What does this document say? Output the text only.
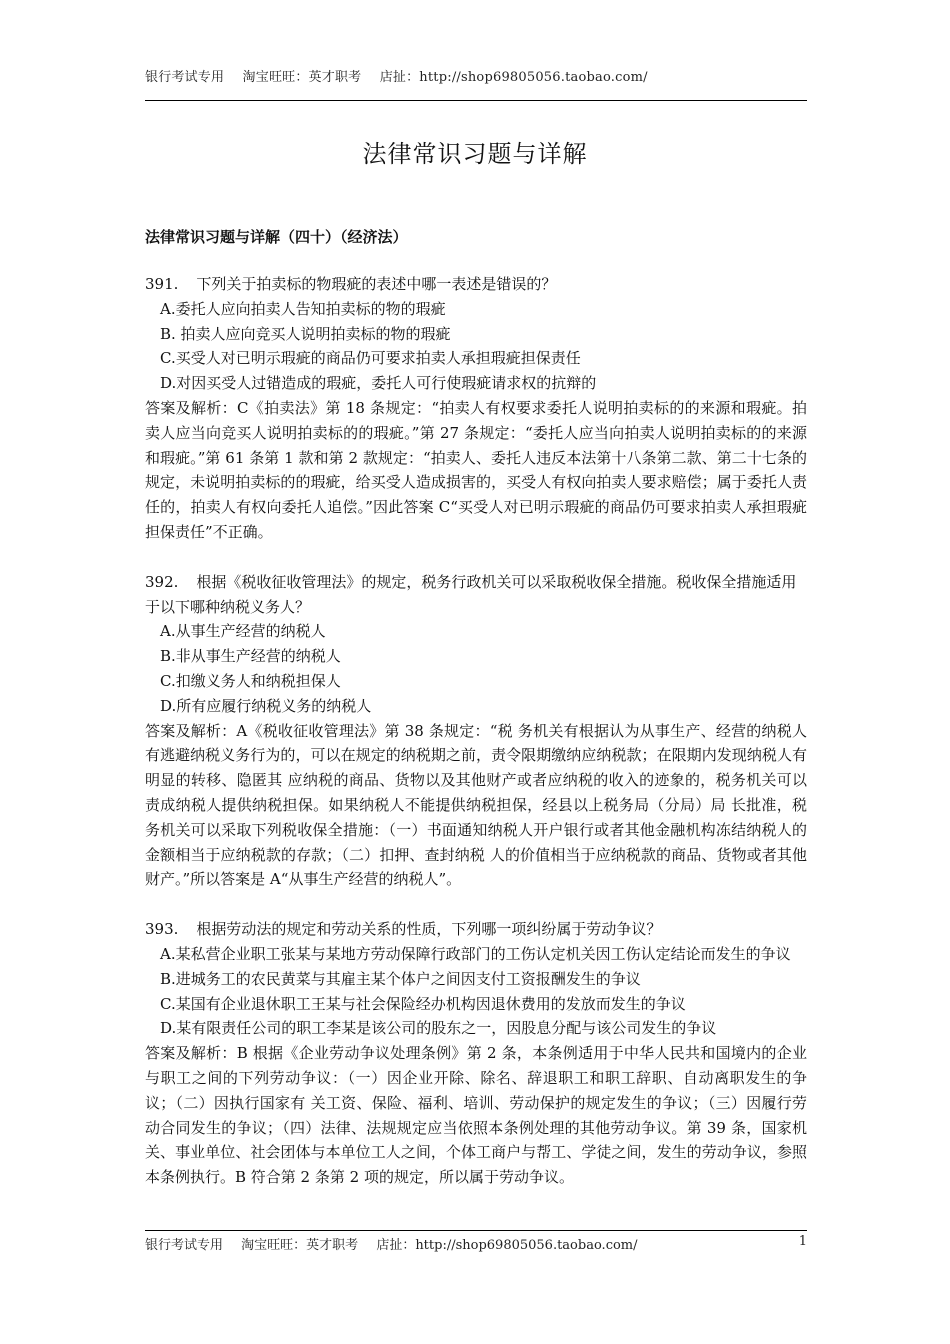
银行考试专用 淘宝旺旺：英才职考 店扯：http://shop69805056.taobao.com/
法律常识习题与详解
法律常识习题与详解（四十）（经济法）

391. 下列关于拍卖标的物瑕疵的表述中哪一表述是错误的？

A.委托人应向拍卖人告知拍卖标的物的瑕疵

B. 拍卖人应向竞买人说明拍卖标的物的瑕疵

C.买受人对已明示瑕疵的商品仍可要求拍卖人承担瑕疵担保责任

D.对因买受人过错造成的瑕疵，委托人可行使瑕疵请求权的抗辩的

答案及解析：C《拍卖法》第 18 条规定：“拍卖人有权要求委托人说明拍卖标的的来源和瑕疵。拍卖人应当向竞买人说明拍卖标的的瑕疵。”第 27 条规定：“委托人应当向拍卖人说明拍卖标的的来源和瑕疵。”第 61 条第 1 款和第 2 款规定：“拍卖人、委托人违反本法第十八条第二款、第二十七条的规定，未说明拍卖标的的瑕疵，给买受人造成损害的，买受人有权向拍卖人要求赔偿；属于委托人责任的，拍卖人有权向委托人追偿。”因此答案 C“买受人对已明示瑕疵的商品仍可要求拍卖人承担瑕疵担保责任”不正确。

392. 根据《税收征收管理法》的规定，税务行政机关可以采取税收保全措施。税收保全措施适用于以下哪种纳税义务人？

A.从事生产经营的纳税人

B.非从事生产经营的纳税人

C.扣缴义务人和纳税担保人

D.所有应履行纳税义务的纳税人

答案及解析：A《税收征收管理法》第 38 条规定：“税 务机关有根据认为从事生产、经营的纳税人有逃避纳税义务行为的，可以在规定的纳税期之前，责令限期缴纳应纳税款；在限期内发现纳税人有明显的转移、隐匿其 应纳税的商品、货物以及其他财产或者应纳税的收入的迹象的，税务机关可以责成纳税人提供纳税担保。如果纳税人不能提供纳税担保，经县以上税务局（分局）局 长批准，税务机关可以采取下列税收保全措施：（一）书面通知纳税人开户银行或者其他金融机构冻结纳税人的金额相当于应纳税款的存款；（二）扣押、查封纳税 人的价值相当于应纳税款的商品、货物或者其他财产。”所以答案是 A“从事生产经营的纳税人”。

393. 根据劳动法的规定和劳动关系的性质，下列哪一项纠纷属于劳动争议？

A.某私营企业职工张某与某地方劳动保障行政部门的工伤认定机关因工伤认定结论而发生的争议

B.进城务工的农民黄菜与其雇主某个体户之间因支付工资报酬发生的争议

C.某国有企业退休职工王某与社会保险经办机构因退休费用的发放而发生的争议

D.某有限责任公司的职工李某是该公司的股东之一，因股息分配与该公司发生的争议

答案及解析：B 根据《企业劳动争议处理条例》第 2 条，本条例适用于中华人民共和国境内的企业与职工之间的下列劳动争议：（一）因企业开除、除名、辞退职工和职工辞职、自动离职发生的争议；（二）因执行国家有 关工资、保险、福利、培训、劳动保护的规定发生的争议；（三）因履行劳动合同发生的争议；（四）法律、法规规定应当依照本条例处理的其他劳动争议。第 39 条，国家机关、事业单位、社会团体与本单位工人之间，个体工商户与帮工、学徒之间，发生的劳动争议，参照本条例执行。B 符合第 2 条第 2 项的规定，所以属于劳动争议。

银行考试专用 淘宝旺旺：英才职考 店扯：http://shop69805056.taobao.com/	1
